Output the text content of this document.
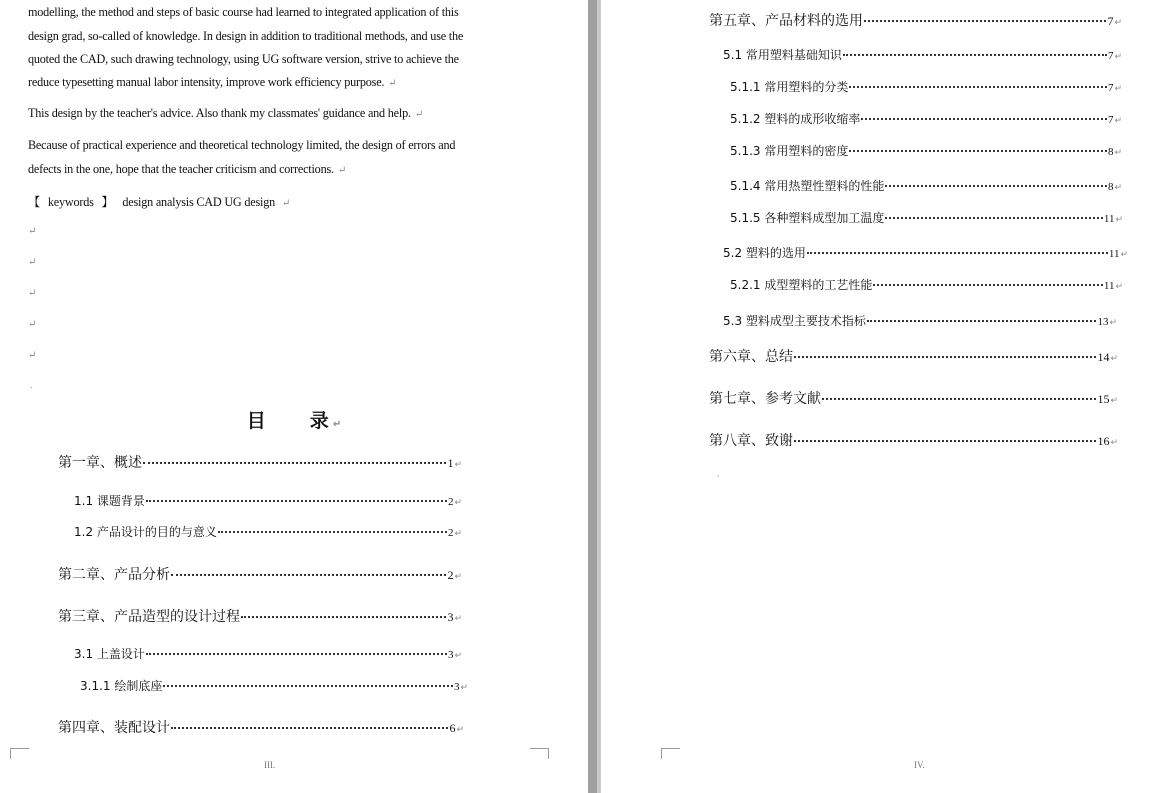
modelling, the method and steps of basic course had learned to integrated application of this
design grad, so-called of knowledge. In design in addition to traditional methods, and use the
quoted the CAD, such drawing technology, using UG software version, strive to achieve the
reduce typesetting manual labor intensity, improve work efficiency purpose. ↵
This design by the teacher's advice. Also thank my classmates' guidance and help. ↵
Because of practical experience and theoretical technology limited, the design of errors and
defects in the one, hope that the teacher criticism and corrections. ↵
【 keywords 】 design analysis CAD UG design ↵
↵
↵
↵
↵
↵
.
目 录 ↵
第一章、概述	1 ↵
1.1 课题背景	2 ↵
1.2 产品设计的目的与意义	2 ↵
第二章、产品分析	2 ↵
第三章、产品造型的设计过程	3 ↵
3.1 上盖设计	3 ↵
3.1.1 绘制底座	3 ↵
第四章、装配设计	6 ↵
III.
第五章、产品材料的选用	7 ↵
5.1 常用塑料基础知识	7 ↵
5.1.1 常用塑料的分类	7 ↵
5.1.2 塑料的成形收缩率	7 ↵
5.1.3 常用塑料的密度	8 ↵
5.1.4 常用热塑性塑料的性能	8 ↵
5.1.5 各种塑料成型加工温度	11 ↵
5.2 塑料的选用	11 ↵
5.2.1 成型塑料的工艺性能	11 ↵
5.3 塑料成型主要技术指标	13 ↵
第六章、总结	14 ↵
第七章、参考文献	15 ↵
第八章、致谢	16 ↵
'
IV.
